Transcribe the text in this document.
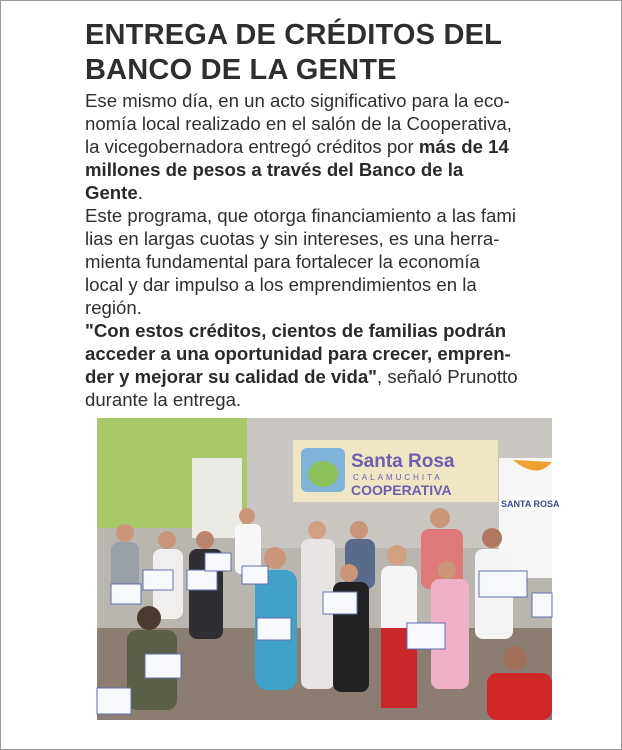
ENTREGA DE CRÉDITOS DEL
BANCO DE LA GENTE
Ese mismo día, en un acto significativo para la eco-
nomía local realizado en el salón de la Cooperativa,
la vicegobernadora entregó créditos por más de 14
millones de pesos a través del Banco de la
Gente.
Este programa, que otorga financiamiento a las fami
lias en largas cuotas y sin intereses, es una herra-
mienta fundamental para fortalecer la economía
local y dar impulso a los emprendimientos en la
región.
"Con estos créditos, cientos de familias podrán
acceder a una oportunidad para crecer, empren-
der y mejorar su calidad de vida", señaló Prunotto
durante la entrega.
Santa Rosa
CALAMUCHITA
COOPERATIVA
SANTA ROSA
